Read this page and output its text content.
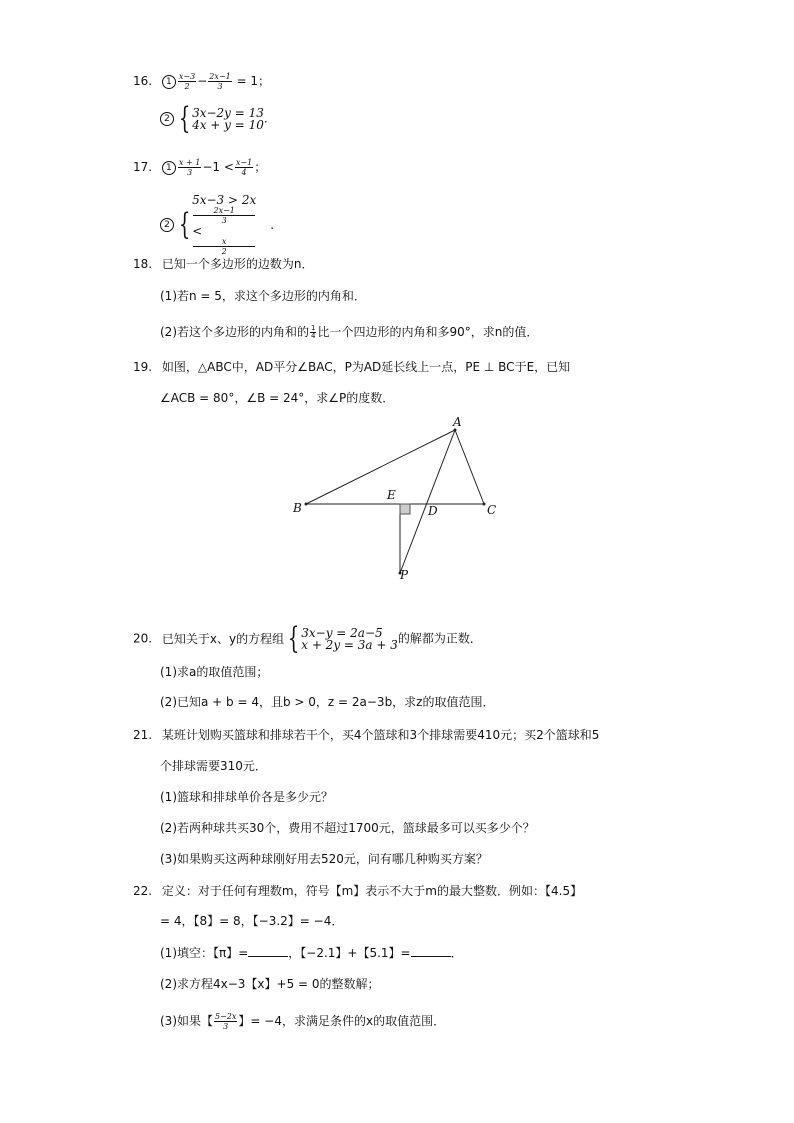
16. $1 \frac{x-3}{2} - \frac{2x-1}{3} = 1$；
2 { 3x−2y = 13
4x + y = 10 .
17. $1 \frac{x + 1}{3} -1 < \frac{x-1}{4}$ ；
2 {
5x−3 > 2x
2x−1
3
<
x
2
.
18. 已知一个多边形的边数为n．
(1)若n = 5，求这个多边形的内角和．
(2)若这个多边形的内角和的 $\frac{1}{4}$ 比一个四边形的内角和多90°，求n的值．
19. 如图，△ABC中，AD平分∠BAC，P为AD延长线上一点，PE ⊥ BC于E，已知
∠ACB = 80°，∠B = 24°，求∠P的度数．
A
B	C
D
E
P
20. 已知关于x、y的方程组 { 3x−y = 2a−5
x + 2y = 3a + 3 的解都为正数．
(1)求a的取值范围；
(2)已知a + b = 4，且b > 0，z = 2a−3b，求z的取值范围．
21. 某班计划购买篮球和排球若干个，买4个篮球和3个排球需要410元；买2个篮球和5
个排球需要310元．
(1)篮球和排球单价各是多少元？
(2)若两种球共买30个，费用不超过1700元，篮球最多可以买多少个？
(3)如果购买这两种球刚好用去520元，问有哪几种购买方案？
22. 定义：对于任何有理数m，符号【m】表示不大于m的最大整数．例如：【4.5】
= 4，【8】= 8，【−3.2】= −4．
(1)填空：【π】=	，【−2.1】+【5.1】=	．
(2)求方程4x−3【x】+5 = 0的整数解；
(3)如果【 $\frac{5-2x}{3}$ 】= −4，求满足条件的x的取值范围．
